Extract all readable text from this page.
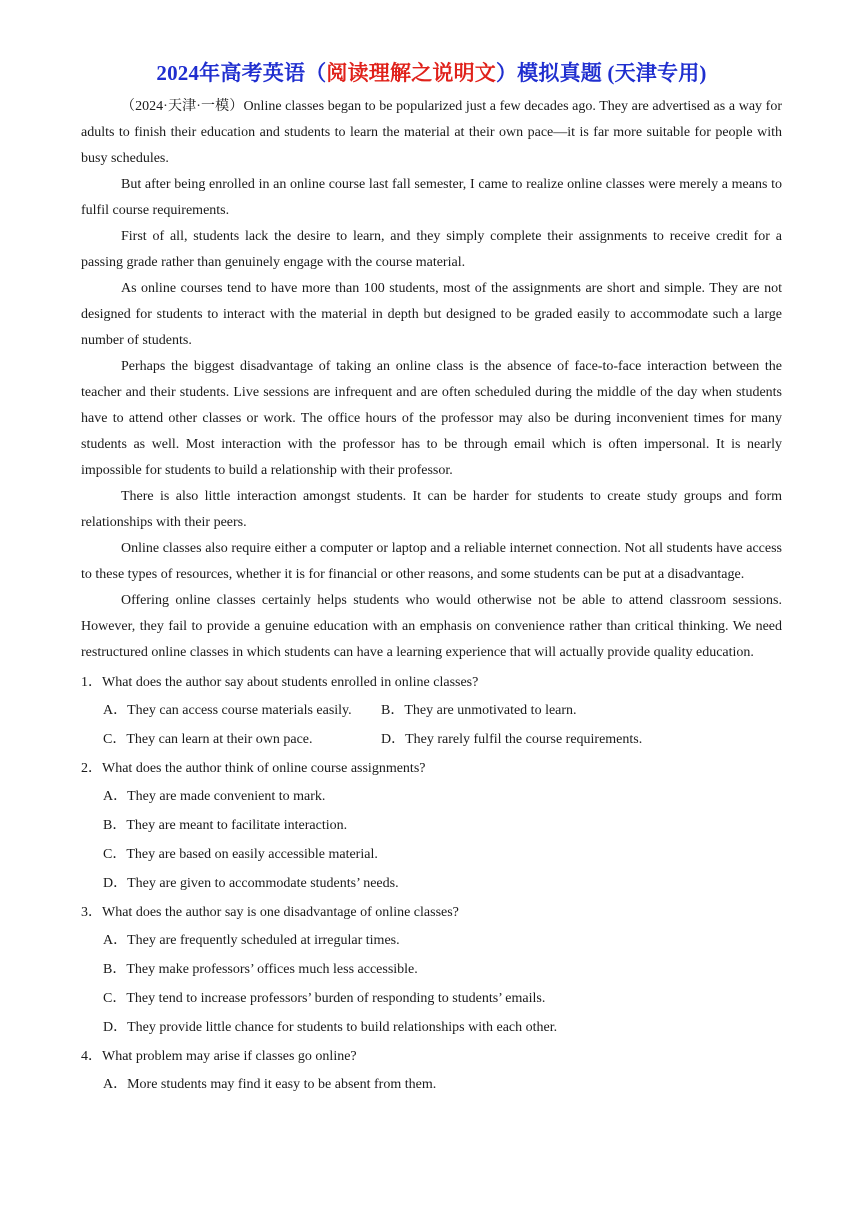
2024年高考英语（阅读理解之说明文）模拟真题 (天津专用)

（2024·天津·一模）Online classes began to be popularized just a few decades ago. They are advertised as a way for adults to finish their education and students to learn the material at their own pace—it is far more suitable for people with busy schedules.

But after being enrolled in an online course last fall semester, I came to realize online classes were merely a means to fulfil course requirements.

First of all, students lack the desire to learn, and they simply complete their assignments to receive credit for a passing grade rather than genuinely engage with the course material.

As online courses tend to have more than 100 students, most of the assignments are short and simple. They are not designed for students to interact with the material in depth but designed to be graded easily to accommodate such a large number of students.

Perhaps the biggest disadvantage of taking an online class is the absence of face-to-face interaction between the teacher and their students. Live sessions are infrequent and are often scheduled during the middle of the day when students have to attend other classes or work. The office hours of the professor may also be during inconvenient times for many students as well. Most interaction with the professor has to be through email which is often impersonal. It is nearly impossible for students to build a relationship with their professor.

There is also little interaction amongst students. It can be harder for students to create study groups and form relationships with their peers.

Online classes also require either a computer or laptop and a reliable internet connection. Not all students have access to these types of resources, whether it is for financial or other reasons, and some students can be put at a disadvantage.

Offering online classes certainly helps students who would otherwise not be able to attend classroom sessions. However, they fail to provide a genuine education with an emphasis on convenience rather than critical thinking. We need restructured online classes in which students can have a learning experience that will actually provide quality education.

1．What does the author say about students enrolled in online classes?

A．They can access course materials easily.	B．They are unmotivated to learn.
C．They can learn at their own pace.	D．They rarely fulfil the course requirements.

2．What does the author think of online course assignments?

A．They are made convenient to mark.
B．They are meant to facilitate interaction.
C．They are based on easily accessible material.
D．They are given to accommodate students’ needs.

3．What does the author say is one disadvantage of online classes?

A．They are frequently scheduled at irregular times.
B．They make professors’ offices much less accessible.
C．They tend to increase professors’ burden of responding to students’ emails.
D．They provide little chance for students to build relationships with each other.

4．What problem may arise if classes go online?

A．More students may find it easy to be absent from them.
